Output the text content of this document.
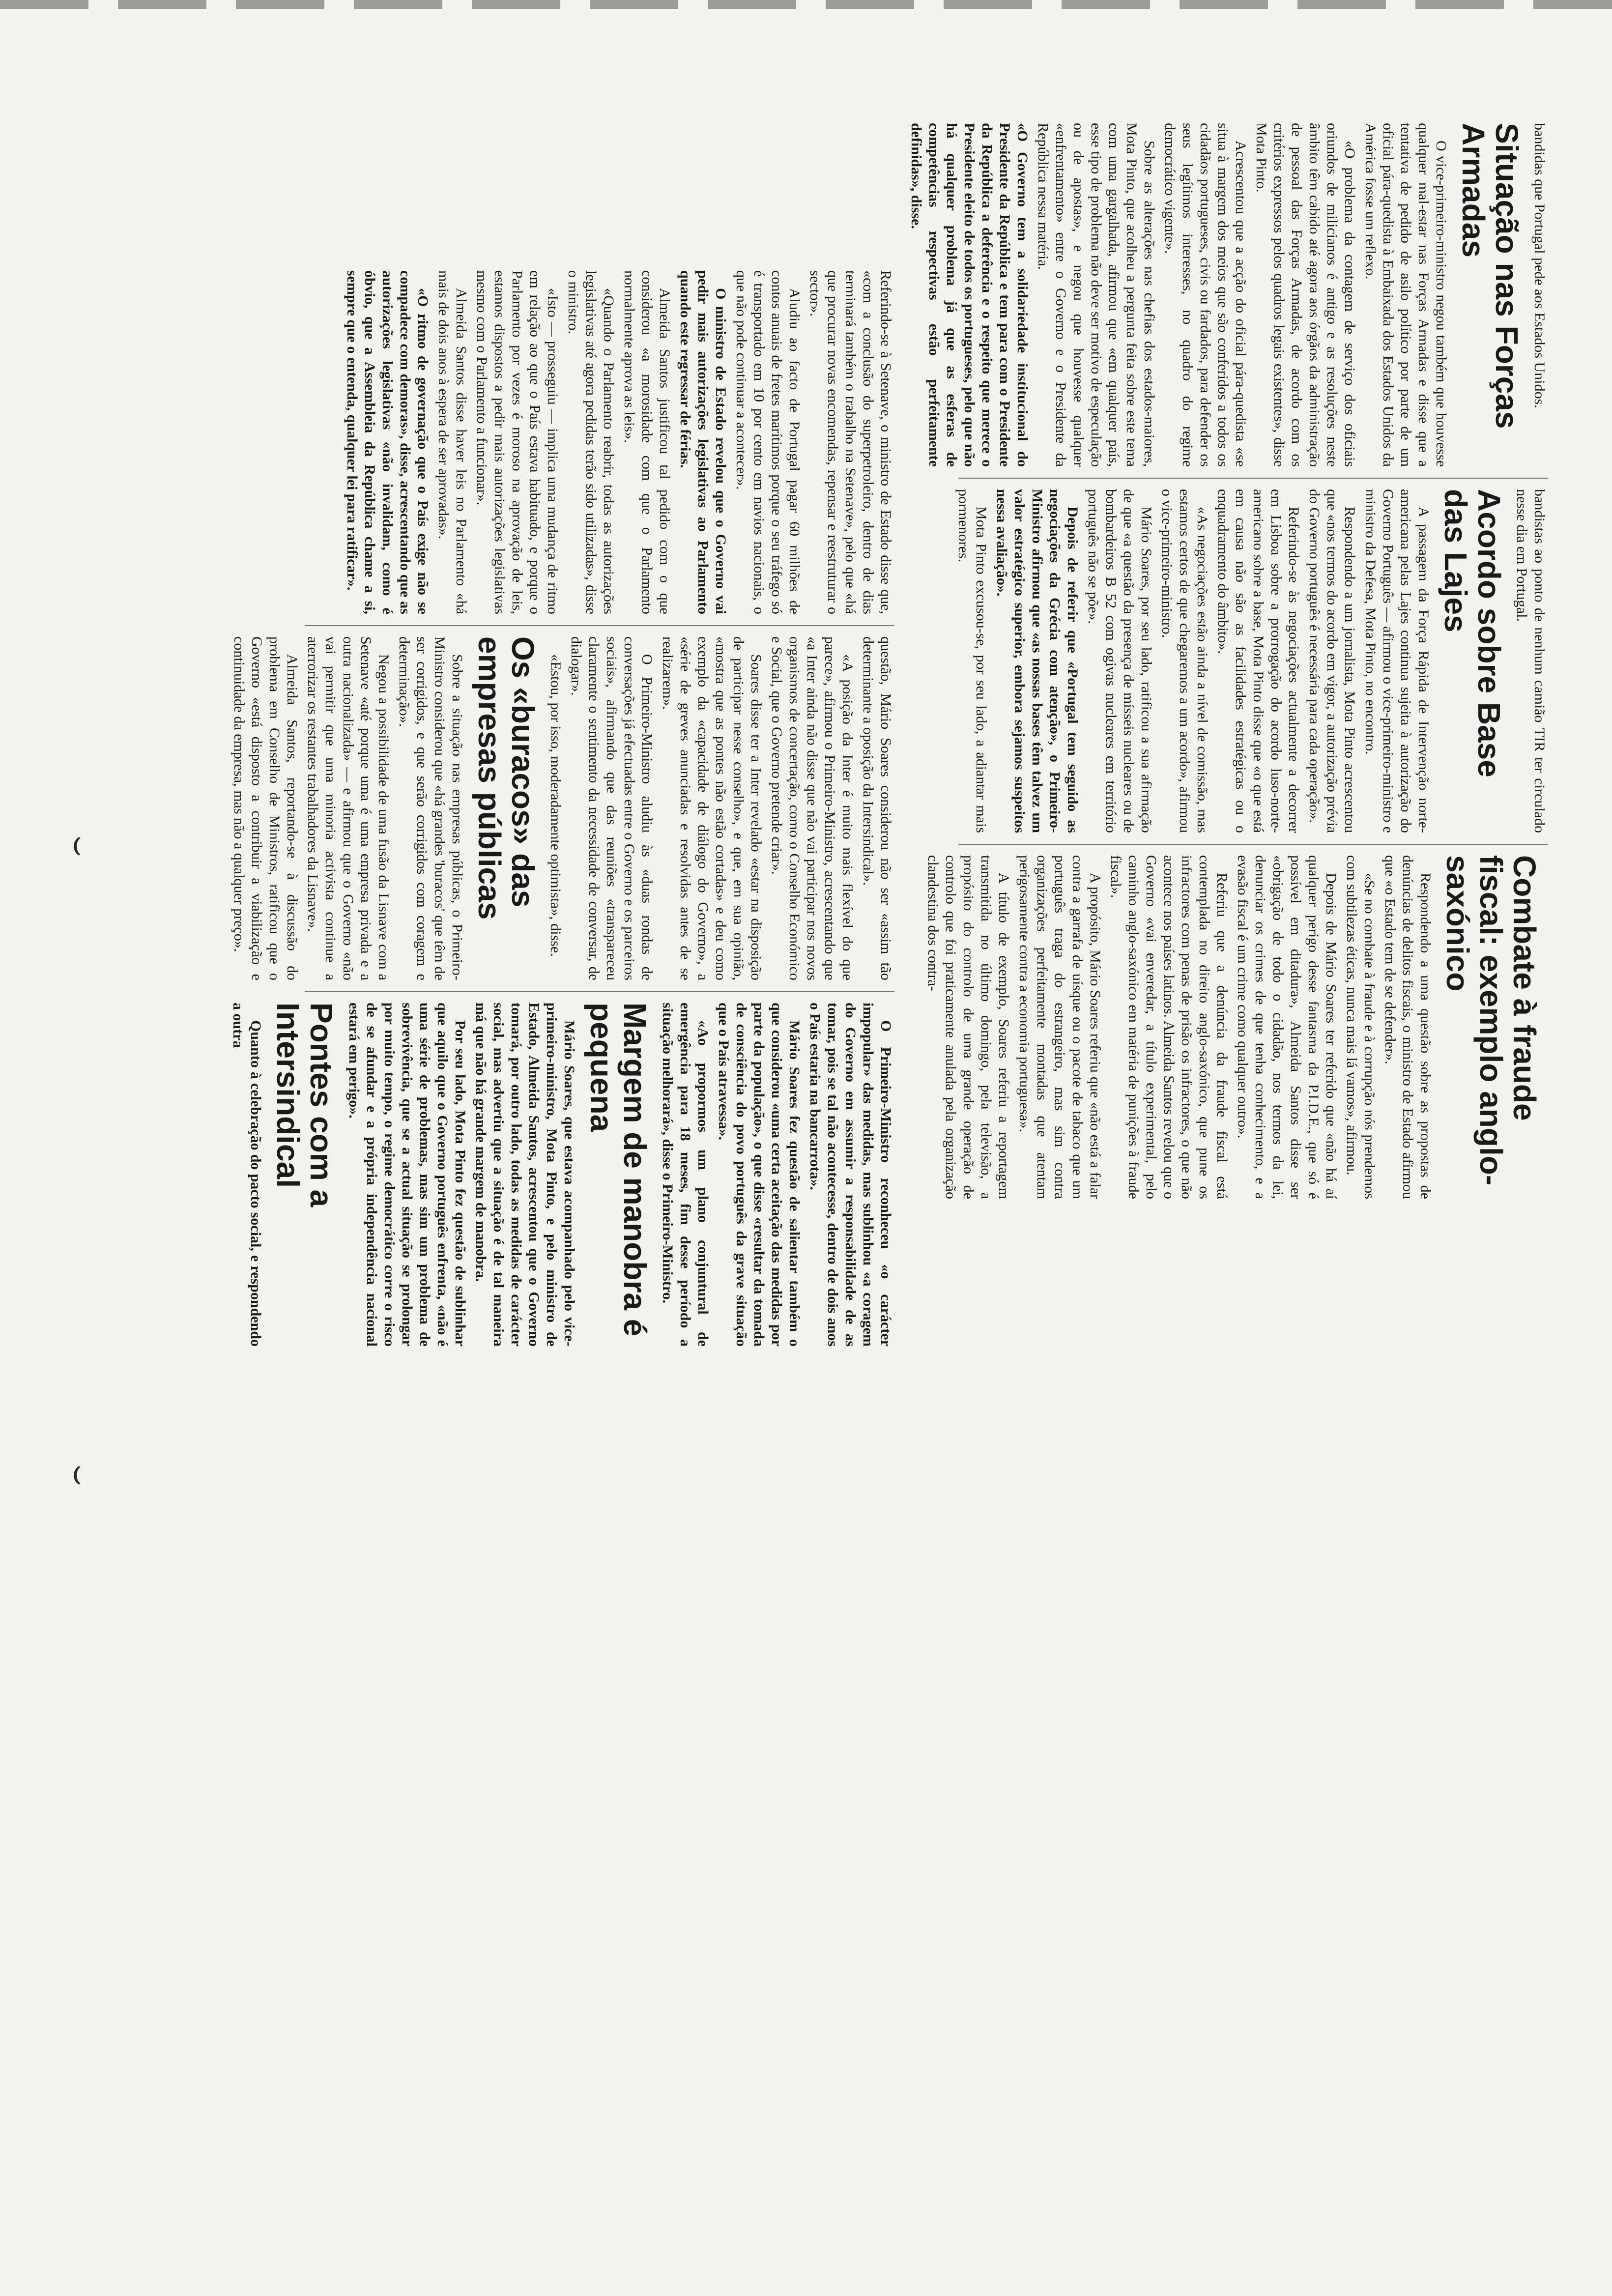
bandidas que Portugal pede aos Estados Unidos.

Situação nas Forças Armadas

O vice-primeiro-ministro negou também que houvesse qualquer mal-estar nas Forças Armadas e disse que a tentativa de pedido de asilo político por parte de um oficial pára-quedista à Embaixada dos Estados Unidos da América fosse um reflexo.

«O problema da contagem de serviço dos oficiais oriundos de milicianos é antigo e as resoluções neste âmbito têm cabido até agora aos órgãos da administração de pessoal das Forças Armadas, de acordo com os critérios expressos pelos quadros legais existentes», disse Mota Pinto.

Acrescentou que a acção do oficial pára-quedista «se situa à margem dos meios que são conferidos a todos os cidadãos portugueses, civis ou fardados, para defender os seus legítimos interesses, no quadro do regime democrático vigente».

Sobre as alterações nas chefias dos estados-maiores, Mota Pinto, que acolheu a pergunta feita sobre este tema com uma gargalhada, afirmou que «em qualquer país, esse tipo de problema não deve ser motivo de especulação ou de apostas», e negou que houvesse qualquer «enfrentamento» entre o Governo e o Presidente da República nessa matéria.

«O Governo tem a solidariedade institucional do Presidente da República e tem para com o Presidente da República a deferência e o respeito que merece o Presidente eleito de todos os portugueses, pelo que não há qualquer problema já que as esferas de competências respectivas estão perfeitamente definidas», disse.

bandistas ao ponto de nenhum camião TIR ter circulado nesse dia em Portugal.

Acordo sobre Base das Lajes

A passagem da Força Rápida de Intervenção norte-americana pelas Lajes continua sujeita à autorização do Governo Português — afirmou o vice-primeiro-ministro e ministro da Defesa, Mota Pinto, no encontro.

Respondendo a um jornalista, Mota Pinto acrescentou que «nos termos do acordo em vigor, a autorização prévia do Governo português é necessária para cada operação».

Referindo-se às negociações actualmente a decorrer em Lisboa sobre a prorrogação do acordo luso-norte-americano sobre a base, Mota Pinto disse que «o que está em causa não são as facilidades estratégicas ou o enquadramento do âmbito».

«As negociações estão ainda a nível de comissão, mas estamos certos de que chegaremos a um acordo», afirmou o vice-primeiro-ministro.

Mário Soares, por seu lado, ratificou a sua afirmação de que «a questão da presença de mísseis nucleares ou de bombardeiros B 52 com ogivas nucleares em território português não se põe».

Depois de referir que «Portugal tem seguido as negociações da Grécia com atenção», o Primeiro-Ministro afirmou que «as nossas bases têm talvez um valor estratégico superior, embora sejamos suspeitos nessa avaliação».

Mota Pinto excusou-se, por seu lado, a adiantar mais pormenores.

Combate à fraude fiscal: exemplo anglo-saxónico

Respondendo a uma questão sobre as propostas de denúncias de delitos fiscais, o ministro de Estado afirmou que «o Estado tem de se defender».

«Se no combate à fraude e à corrupção nós prendemos com subtilezas éticas, nunca mais lá vamos», afirmou.

Depois de Mário Soares ter referido que «não há aí qualquer perigo desse fantasma da P.I.D.E., que só é possível em ditadura», Almeida Santos disse ser «obrigação de todo o cidadão, nos termos da lei, denunciar os crimes de que tenha conhecimento, e a evasão fiscal é um crime como qualquer outro».

Referiu que a denúncia da fraude fiscal está contemplada no direito anglo-saxónico, que pune os infractores com penas de prisão os infractores, o que não acontece nos países latinos. Almeida Santos revelou que o Governo «vai enveredar, a título experimental, pelo caminho anglo-saxónico em matéria de punições à fraude fiscal».

A propósito, Mário Soares referiu que «não está a falar contra a garrafa de uísque ou o pacote de tabaco que um português traga do estrangeiro, mas sim contra organizações perfeitamente montadas que atentam perigosamente contra a economia portuguesa».

A título de exemplo, Soares referiu a reportagem transmitida no último domingo, pela televisão, a propósito do controlo de uma grande operação de controlo que foi praticamente anulada pela organização clandestina dos contra-

Referindo-se à Setenave, o ministro de Estado disse que, «com a conclusão do superpetroleiro, dentro de dias terminará também o trabalho na Setenave», pelo que «há que procurar novas encomendas, repensar e reestruturar o sector».

Aludiu ao facto de Portugal pagar 60 milhões de contos anuais de fretes marítimos porque o seu tráfego só é transportado em 10 por cento em navios nacionais, o que não pode continuar a acontecer».

O ministro de Estado revelou que o Governo vai pedir mais autorizações legislativas ao Parlamento quando este regressar de férias.

Almeida Santos justificou tal pedido com o que considerou «a morosidade com que o Parlamento normalmente aprova as leis».

«Quando o Parlamento reabrir, todas as autorizações legislativas até agora pedidas terão sido utilizadas», disse o ministro.

«Isto — prosseguiu — implica uma mudança de ritmo em relação ao que o País estava habituado, e porque o Parlamento por vezes é moroso na aprovação de leis, estamos dispostos a pedir mais autorizações legislativas mesmo com o Parlamento a funcionar».

Almeida Santos disse haver leis no Parlamento «há mais de dois anos à espera de ser aprovadas».

«O ritmo de governação que o País exige não se compadece com demoras», disse, acrescentando que as autorizações legislativas «não invalidam, como é óbvio, que a Assembleia da República chame a si, sempre que o entenda, qualquer lei para ratificar».

questão, Mário Soares considerou não ser «assim tão determinante a oposição da Intersindical».

«A posição da Inter é muito mais flexível do que parece», afirmou o Primeiro-Ministro, acrescentando que «a Inter ainda não disse que não vai participar nos novos organismos de concertação, como o Conselho Económico e Social, que o Governo pretende criar».

Soares disse ter a Inter revelado «estar na disposição de participar nesse conselho», e que, em sua opinião, «mostra que as pontes não estão cortadas» e deu como exemplo da «capacidade de diálogo do Governo», a «série de greves anunciadas e resolvidas antes de se realizarem».

O Primeiro-Ministro aludiu às «duas rondas de conversações já efectuadas entre o Governo e os parceiros sociais», afirmando que das reuniões «transpareceu claramente o sentimento da necessidade de conversar, de dialogar».

«Estou, por isso, moderadamente optimista», disse.

Os «buracos» das empresas públicas

Sobre a situação nas empresas públicas, o Primeiro-Ministro considerou que «há grandes 'buracos' que têm de ser corrigidos, e que serão corrigidos com coragem e determinação».

Negou a possibilidade de uma fusão da Lisnave com a Setenave «até porque uma é uma empresa privada e a outra nacionalizada» — e afirmou que o Governo «não vai permitir que uma minoria activista continue a aterrorizar os restantes trabalhadores da Lisnave».

Almeida Santos, reportando-se à discussão do problema em Conselho de Ministros, ratificou que o Governo «está disposto a contribuir a viabilização e continuidade da empresa, mas não a qualquer preço».

O Primeiro-Ministro reconheceu «o carácter impopular» das medidas, mas sublinhou «a coragem do Governo em assumir a responsabilidade de as tomar, pois se tal não acontecesse, dentro de dois anos o País estaria na bancarrota».

Mário Soares fez questão de salientar também o que considerou «uma certa aceitação das medidas por parte da população», o que disse «resultar da tomada de consciência do povo português da grave situação que o País atravessa».

«Ao propormos um plano conjuntural de emergência para 18 meses, fim desse período a situação melhorará», disse o Primeiro-Ministro.

Margem de manobra é pequena

Mário Soares, que estava acompanhado pelo vice-primeiro-ministro, Mota Pinto, e pelo ministro de Estado, Almeida Santos, acrescentou que o Governo tomará, por outro lado, todas as medidas de carácter social, mas advertiu que a situação é de tal maneira má que não há grande margem de manobra.

Por seu lado, Mota Pinto fez questão de sublinhar que aquilo que o Governo português enfrenta, «não é uma série de problemas, mas sim um problema de sobrevivência, que se a actual situação se prolongar por muito tempo, o regime democrático corre o risco de se afundar e a própria independência nacional estará em perigo».

Pontes com a Intersindical

Quanto à celebração do pacto social, e respondendo a outra
